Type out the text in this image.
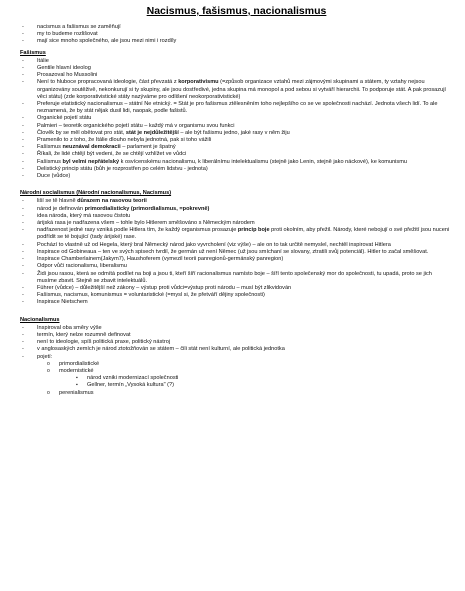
Nacismus, fašismus, nacionalismus
- nacismus a fašismus se zaměňují
- my to budeme rozlišovat
- mají sice mnoho společného, ale jsou mezi nimi i rozdíly
Fašismus
- Itálie
- Gentile hlavní ideolog
- Prosazoval ho Mussolini
- Není to hluboce propracovaná ideologie, část převzatá z korporativismu (=způsob organizace vztahů mezi zájmovými skupinami a státem, ty vztahy nejsou organizovány soutěživě, nekonkurují si ty skupiny, ale jsou dostředivé, jedna skupina má monopol a pod sebou si vytváří hierarchii. To podporuje stát. A pak prosazují věci státu) (zde korporativistické státy nazýváme pro odlišení neokorporativistické)
- Preferuje etatistický nacionalismus – státní Ne etnický. = Stát je pro fašismus ztělesněním toho nejlepšího co se ve společnosti nachází. Jednota všech lidí. To ale neznamená, že by stát nějak dusil lidi, naopak, podle fašistů.
- Organické pojetí státu
- Palmieri – teoretik organického pojetí státu – každý má v organismu svou funkci
- Člověk by se měl obětovat pro stát, stát je nejdůležitější – ale být fašismu jedno, jaké rasy v něm žiju
- Pramenilo to z toho, že Itálie dlouho nebyla jednotná, pak si toho vážili
- Fašismus neuznával demokracii – parlament je špatný
- Říkali, že lidé chtějí být vedeni, že se chtějí vzhlížet ve vůdci
- Fašismus byl velmi nepřátelský k osvícenskému nacionalismu, k liberálnímu intelektualismu (stejně jako Lenin, stejně jako náckové), ke komunismu
- Delistický princip státu (bůh je rozprostřen po celém lidstvu - jednota)
- Duce (vůdce)
Národní socialismus (Národní nacionalismus, Nacismus)
- liší se tě hlavně důrazem na rasovou teorii
- národ je definován primordialisticky (primordialismus, =pokrevně)
- idea národa, který má rasovou čistotu
- árijská rasa je nadřazena všem – tohle bylo Hitlerem směšováno s Německým národem
- nadřazenost jedné rasy vzniká podle Hitlera tím, že každý organismus prosazuje princip boje proti okolním, aby přežil. Národy, které nebojují o své přežití jsou nuceni podřídit se té bojující (tady árijské) rase.
- Pochází to vlastně už od Hegela, který bral Německý národ jako vyvrcholení (viz výše) – ale on to tak určitě nemyslel, nechtěl inspirovat Hitlera
- Inspirace od Gobineaua – ten ve svých spisech tvrdil, že germán už není Němec (už jsou smíchaní se slovany, ztratili svůj potenciál). Hitler to začal směšovat.
- Inspirace Chamberlainem(Jakym7), Haushoferem (vymezil teorii panregionů-germánský panregion)
- Odpor vůči racionalismu, liberalismu
- Židi jsou rasou, která se odmítá podílet na boji a jsou ti, kteří šíří racionalismus namísto boje – šíří tento společenský mor do společnosti, tu upadá, proto se jich musíme zbavit. Stejně se zbavit intelektuálů.
- Führer (vůdce) – důležitější než zákony – výstup proti vůdci=výstup proti národu – musí být zlikvidován
- Fašismus, nacismus, komunismus = voluntaristické (=mysl si, že přetváří dějiny společnosti)
- Inspirace Nietschem
Nacionalismus
- Inspiroval oba směry výše
- termín, který nelze rozumně definovat
- není to ideologie, spíš politická praxe, politický nástroj
- v anglosaských zemích je národ ztotožňován se státem – čili stát není kulturní, ale politická jednotka
- pojetí:
o primordialistické
o modernistické
▪ národ vzniki modernizací společnosti
▪ Gellner, termín „Vysoká kultura" (?)
o perenialismus
